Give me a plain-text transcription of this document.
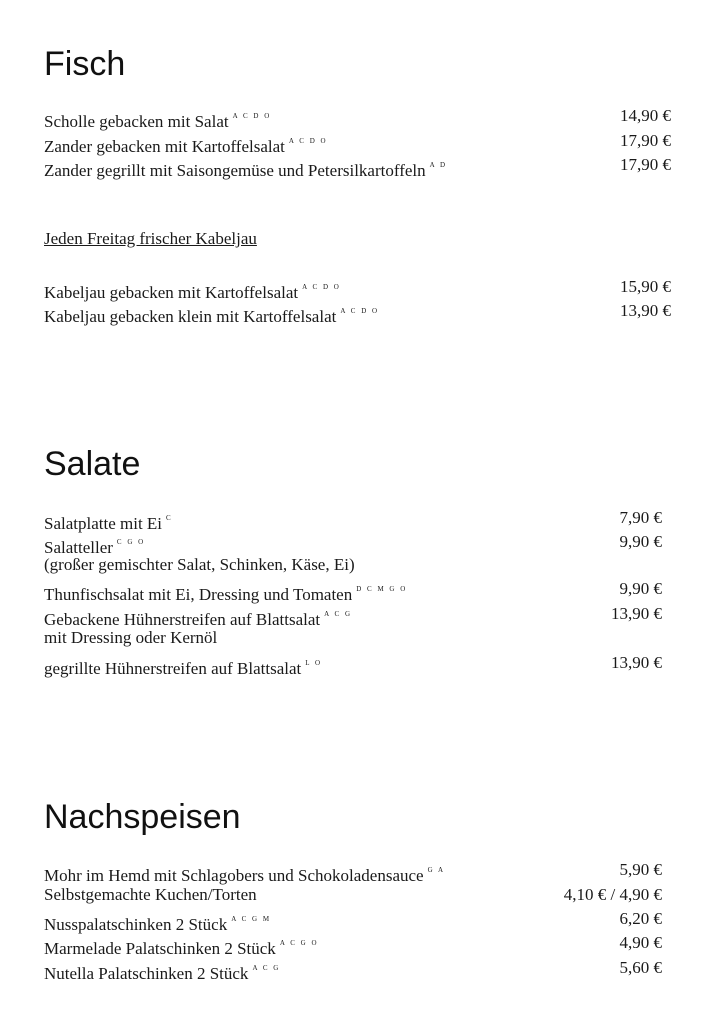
Fisch
Scholle gebacken mit Salat $^{A C D O}$	14,90 €
Zander gebacken mit Kartoffelsalat $^{A C D O}$	17,90 €
Zander gegrillt mit Saisongemüse und Petersilkartoffeln $^{A D}$	17,90 €
Jeden Freitag frischer Kabeljau
Kabeljau gebacken mit Kartoffelsalat $^{A C D O}$	15,90 €
Kabeljau gebacken klein mit Kartoffelsalat $^{A C D O}$	13,90 €
Salate
Salatplatte mit Ei $^C$	7,90 €
Salatteller $^{C G O}$	9,90 €
(großer gemischter Salat, Schinken, Käse, Ei)
Thunfischsalat mit Ei, Dressing und Tomaten $^{D C M G O}$	9,90 €
Gebackene Hühnerstreifen auf Blattsalat $^{A C G}$	13,90 €
mit Dressing oder Kernöl
gegrillte Hühnerstreifen auf Blattsalat $^{L O}$	13,90 €
Nachspeisen
Mohr im Hemd mit Schlagobers und Schokoladensauce $^{G A}$	5,90 €
Selbstgemachte Kuchen/Torten	4,10 € / 4,90 €
Nusspalatschinken 2 Stück $^{A C G M}$	6,20 €
Marmelade Palatschinken 2 Stück $^{A C G O}$	4,90 €
Nutella Palatschinken 2 Stück $^{A C G}$	5,60 €
